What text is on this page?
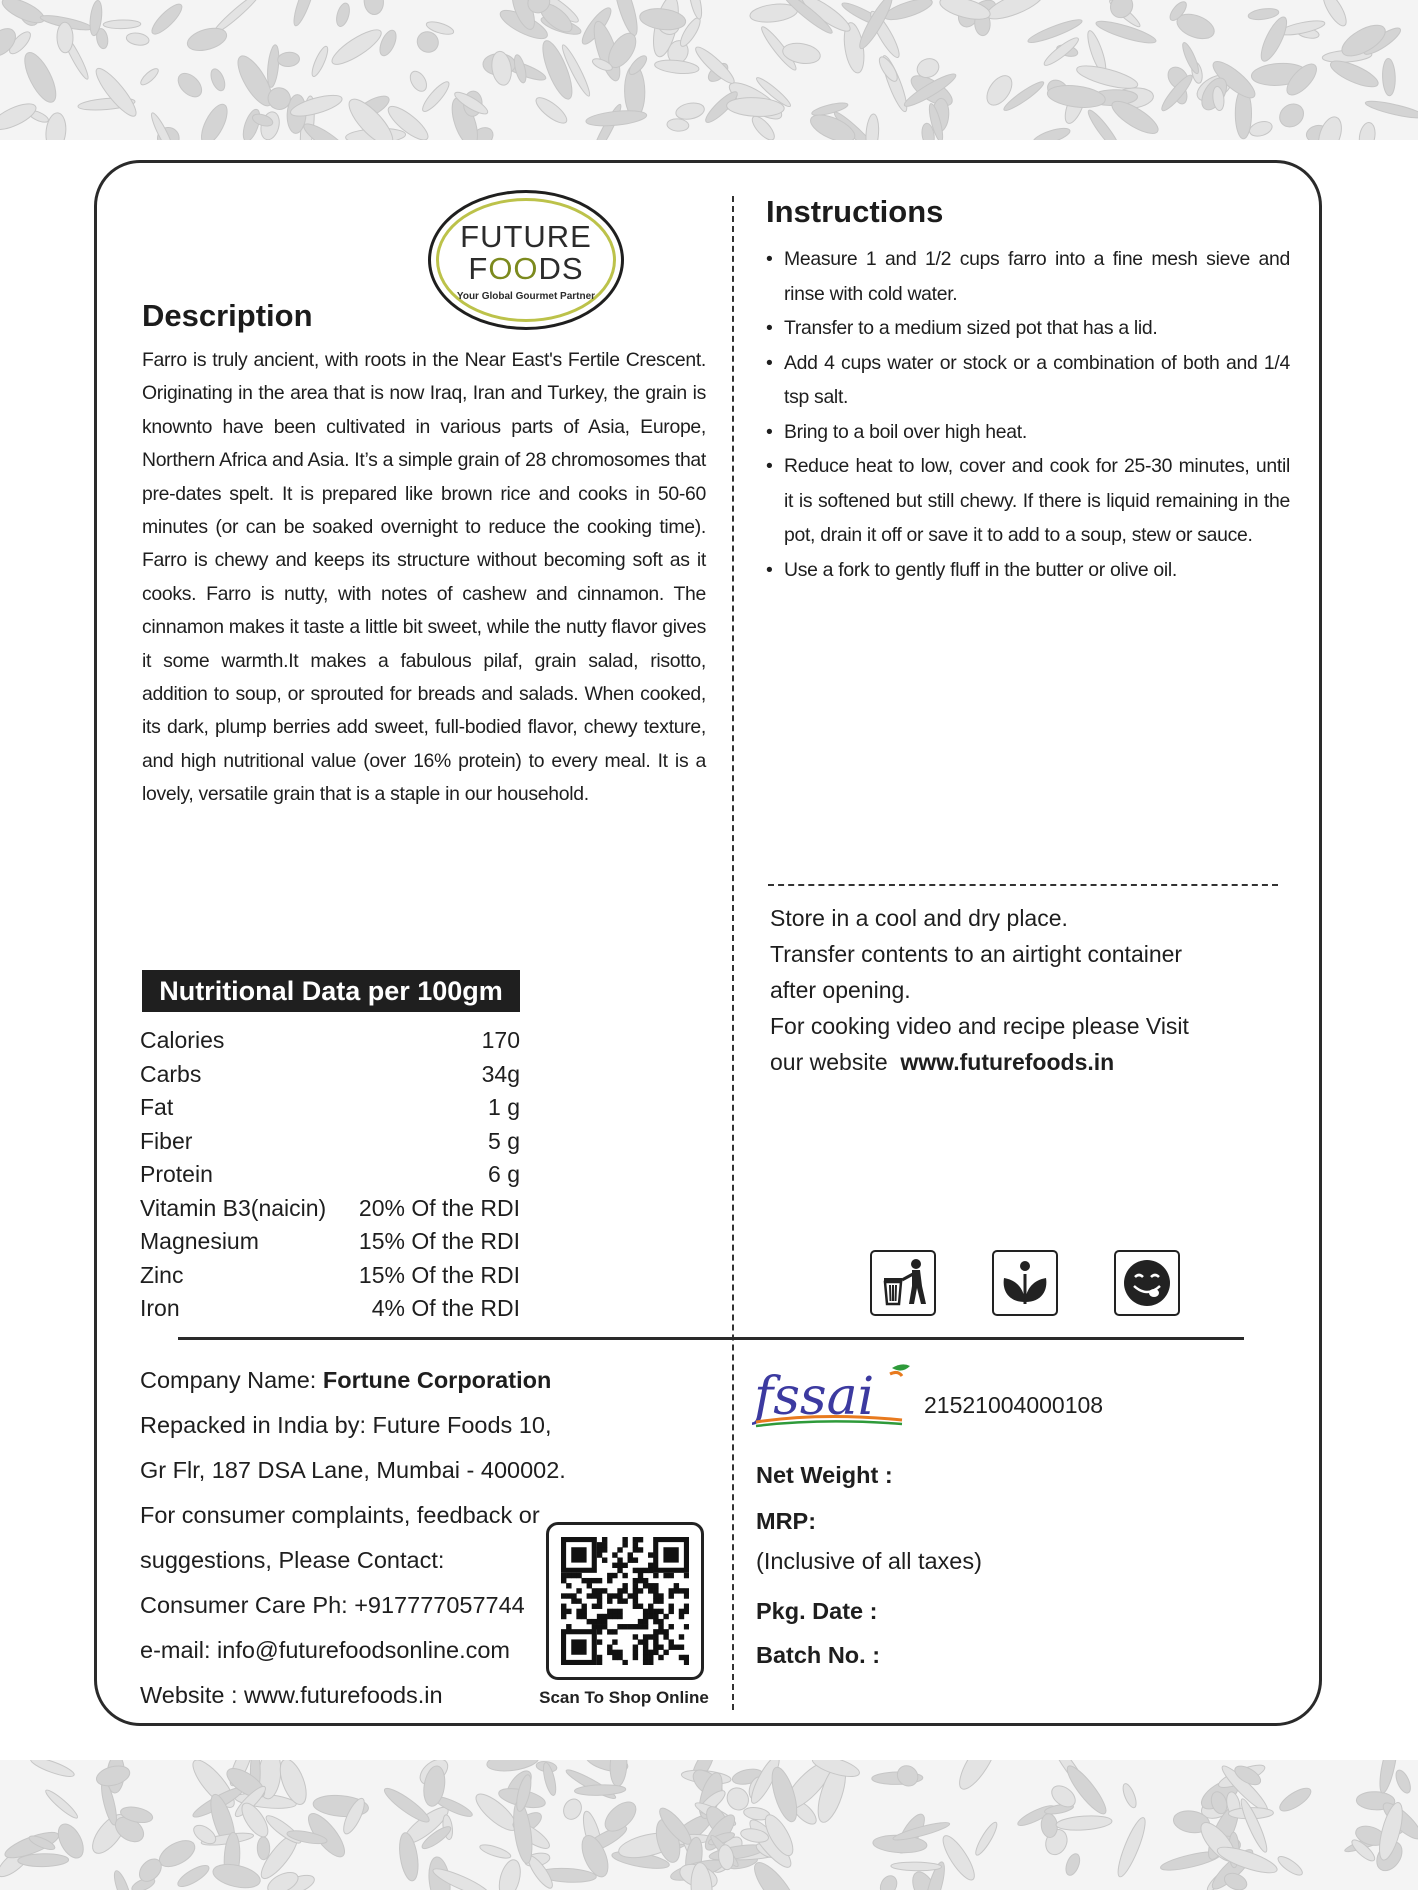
FUTURE
FOODS
Your Global Gourmet Partner
Description
Farro is truly ancient, with roots in the Near East's Fertile Crescent. Originating in the area that is now Iraq, Iran and Turkey, the grain is knownto have been cultivated in various parts of Asia, Europe, Northern Africa and Asia. It’s a simple grain of 28 chromosomes that pre-dates spelt. It is prepared like brown rice and cooks in 50-60 minutes (or can be soaked overnight to reduce the cooking time). Farro is chewy and keeps its structure without becoming soft as it cooks. Farro is nutty, with notes of cashew and cinnamon. The cinnamon makes it taste a little bit sweet, while the nutty flavor gives it some warmth.It makes a fabulous pilaf, grain salad, risotto, addition to soup, or sprouted for breads and salads. When cooked, its dark, plump berries add sweet, full-bodied flavor, chewy texture, and high nutritional value (over 16% protein) to every meal. It is a lovely, versatile grain that is a staple in our household.
Instructions
• Measure 1 and 1/2 cups farro into a fine mesh sieve and rinse with cold water.
• Transfer to a medium sized pot that has a lid.
• Add 4 cups water or stock or a combination of both and 1/4 tsp salt.
• Bring to a boil over high heat.
• Reduce heat to low, cover and cook for 25-30 minutes, until it is softened but still chewy. If there is liquid remaining in the pot, drain it off or save it to add to a soup, stew or sauce.
• Use a fork to gently fluff in the butter or olive oil.
Store in a cool and dry place.
Transfer contents to an airtight container
after opening.
For cooking video and recipe please Visit
our website www.futurefoods.in
Nutritional Data per 100gm
Calories	170
Carbs	34g
Fat	1 g
Fiber	5 g
Protein	6 g
Vitamin B3(naicin)	20% Of the RDI
Magnesium	15% Of the RDI
Zinc	15% Of the RDI
Iron	4% Of the RDI
Company Name: Fortune Corporation
Repacked in India by: Future Foods 10,
Gr Flr, 187 DSA Lane, Mumbai - 400002.
For consumer complaints, feedback or
suggestions, Please Contact:
Consumer Care Ph: +917777057744
e-mail: info@futurefoodsonline.com
Website : www.futurefoods.in	Scan To Shop Online
fssai 21521004000108
Net Weight :
MRP:
(Inclusive of all taxes)
Pkg. Date :
Batch No. :
